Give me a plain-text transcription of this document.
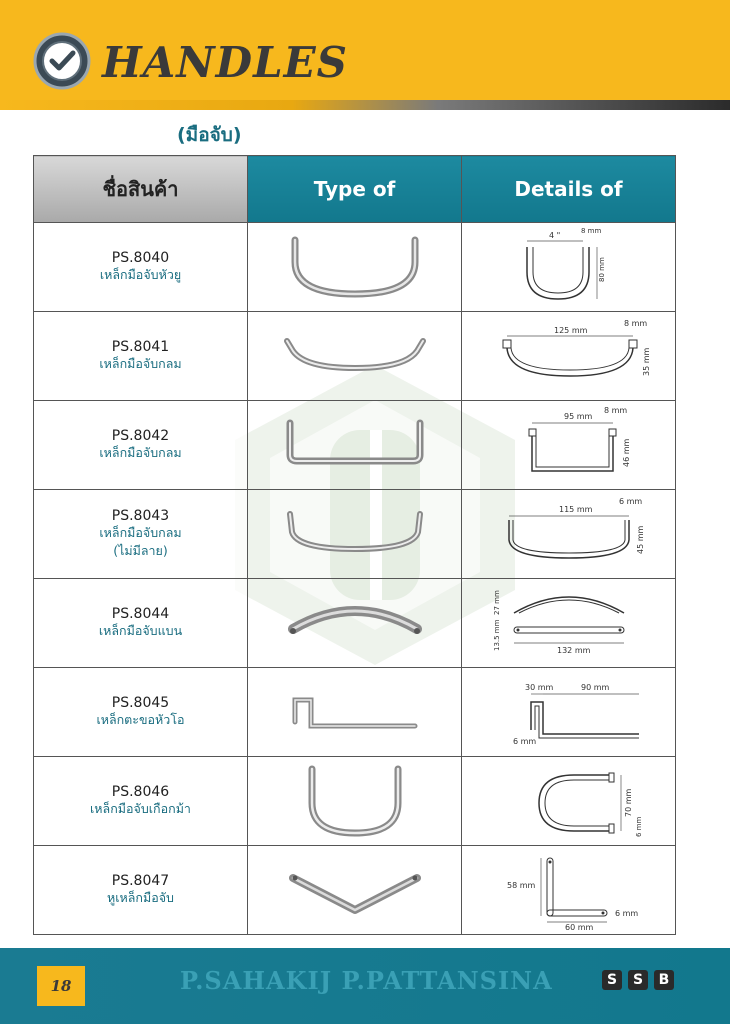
HANDLES
(มือจับ)
ชื่อสินค้า	Type of	Details of

PS.8040
เหล็กมือจับหัวยู		4 " 8 mm
80 mm

PS.8041
เหล็กมือจับกลม		125 mm
8 mm
35 mm

PS.8042
เหล็กมือจับกลม		95 mm
8 mm
46 mm

PS.8043
เหล็กมือจับกลม
(ไม่มีลาย)		115 mm
6 mm
45 mm

PS.8044
เหล็กมือจับแบน		132 mm
27 mm
13.5 mm

PS.8045
เหล็กตะขอหัวโอ		30 mm 90 mm
6 mm

PS.8046
เหล็กมือจับเกือกม้า		70 mm
6 mm

PS.8047
หูเหล็กมือจับ		58 mm
6 mm
60 mm
18	P.SAHAKIJ P.PATTANSINA	S	S	B
